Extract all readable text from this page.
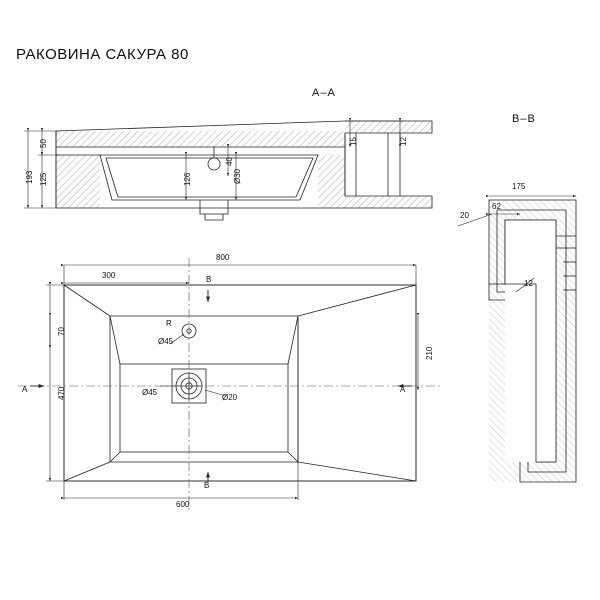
РАКОВИНА САКУРА 80
А–А
В–В
A	A
B
B
800
600
300
470
210
70
Ø45
Ø20
Ø45
R
193 125
50
126
40
Ø30
15	12
175
62
20
12
